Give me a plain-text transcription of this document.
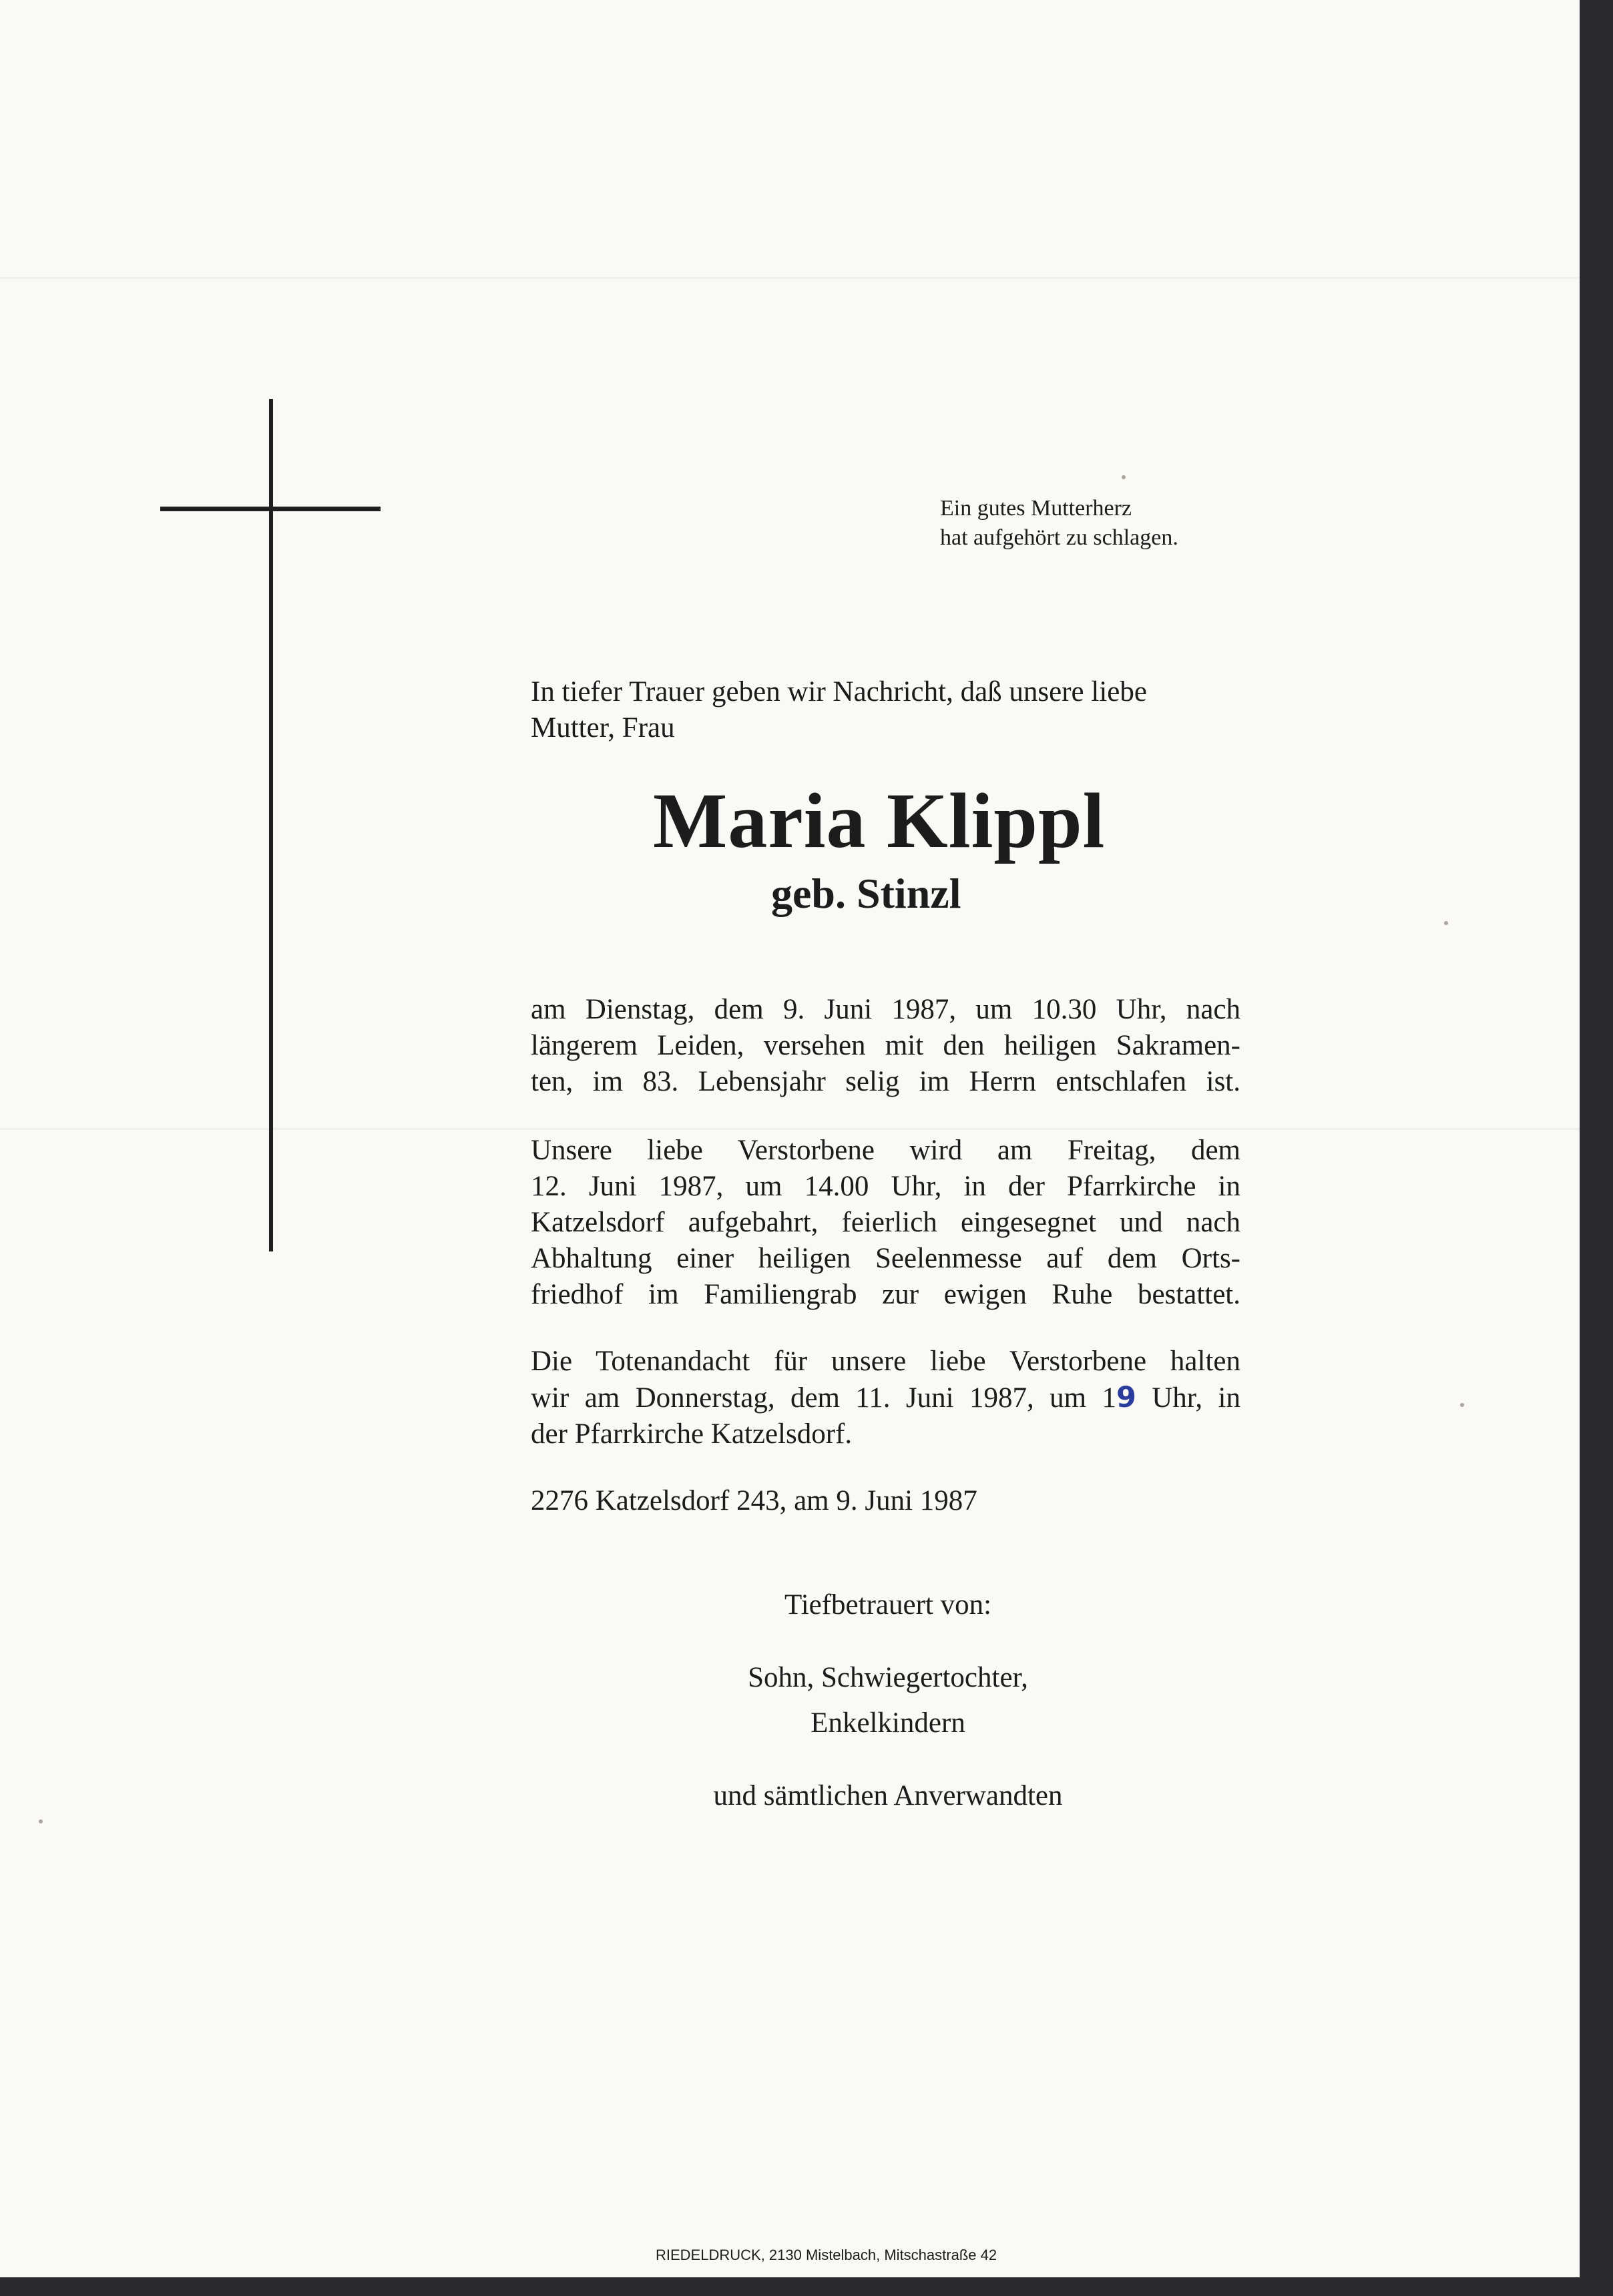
Ein gutes Mutterherz
hat aufgehört zu schlagen.
In tiefer Trauer geben wir Nachricht, daß unsere liebe
Mutter, Frau
Maria Klippl
geb. Stinzl
am Dienstag, dem 9. Juni 1987, um 10.30 Uhr, nach
längerem Leiden, versehen mit den heiligen Sakramen-
ten, im 83. Lebensjahr selig im Herrn entschlafen ist.
Unsere liebe Verstorbene wird am Freitag, dem
12. Juni 1987, um 14.00 Uhr, in der Pfarrkirche in
Katzelsdorf aufgebahrt, feierlich eingesegnet und nach
Abhaltung einer heiligen Seelenmesse auf dem Orts-
friedhof im Familiengrab zur ewigen Ruhe bestattet.
Die Totenandacht für unsere liebe Verstorbene halten
wir am Donnerstag, dem 11. Juni 1987, um 19 Uhr, in
der Pfarrkirche Katzelsdorf.
2276 Katzelsdorf 243, am 9. Juni 1987
Tiefbetrauert von:
Sohn, Schwiegertochter,
Enkelkindern
und sämtlichen Anverwandten
RIEDELDRUCK, 2130 Mistelbach, Mitschastraße 42
